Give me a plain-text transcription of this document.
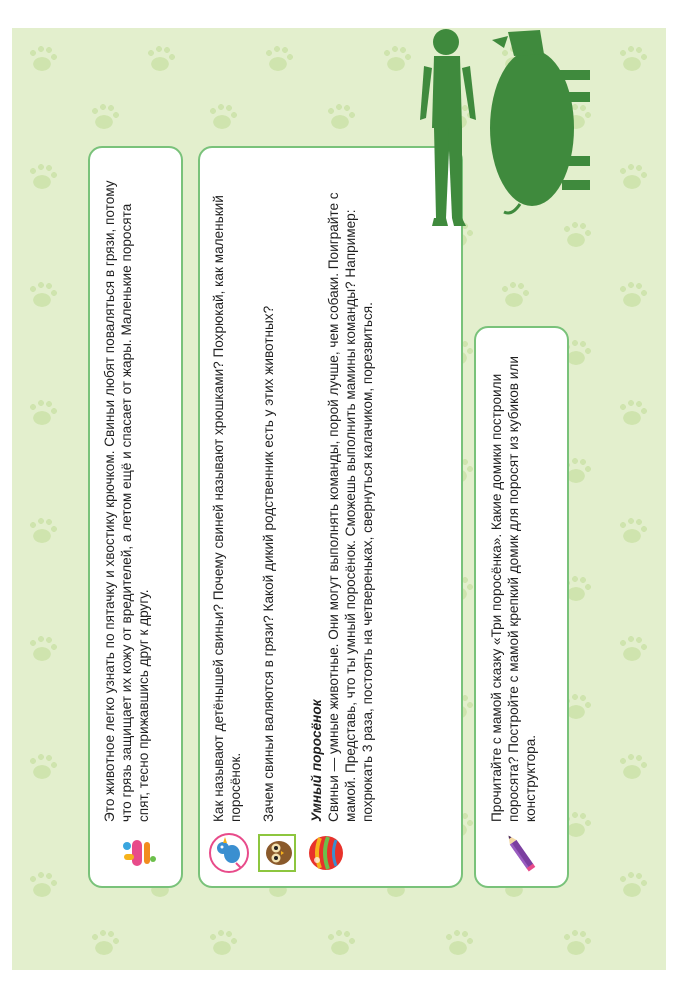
Это животное легко узнать по пятачку и хвостику крючком. Свиньи любят поваляться в грязи, потому что грязь защищает их кожу от вредителей, а летом ещё и спасает от жары. Маленькие поросята спят, тесно прижавшись друг к другу.	Как называют детёнышей свиньи? Почему свиней называют хрюшками? Похрюкай, как маленький поросёнок. Зачем свиньи валяются в грязи? Какой дикий родственник есть у этих животных? Умный поросёнок Свиньи — умные животные. Они могут выполнять команды, порой лучше, чем собаки. Поиграйте с мамой. Представь, что ты умный поросёнок. Сможешь выполнить мамины команды? Например: похрюкать 3 раза, постоять на четвереньках, свернуться калачиком, порезвиться.	Прочитайте с мамой сказку «Три поросёнка». Какие домики построили поросята? Постройте с мамой крепкий домик для поросят из кубиков или конструктора.
